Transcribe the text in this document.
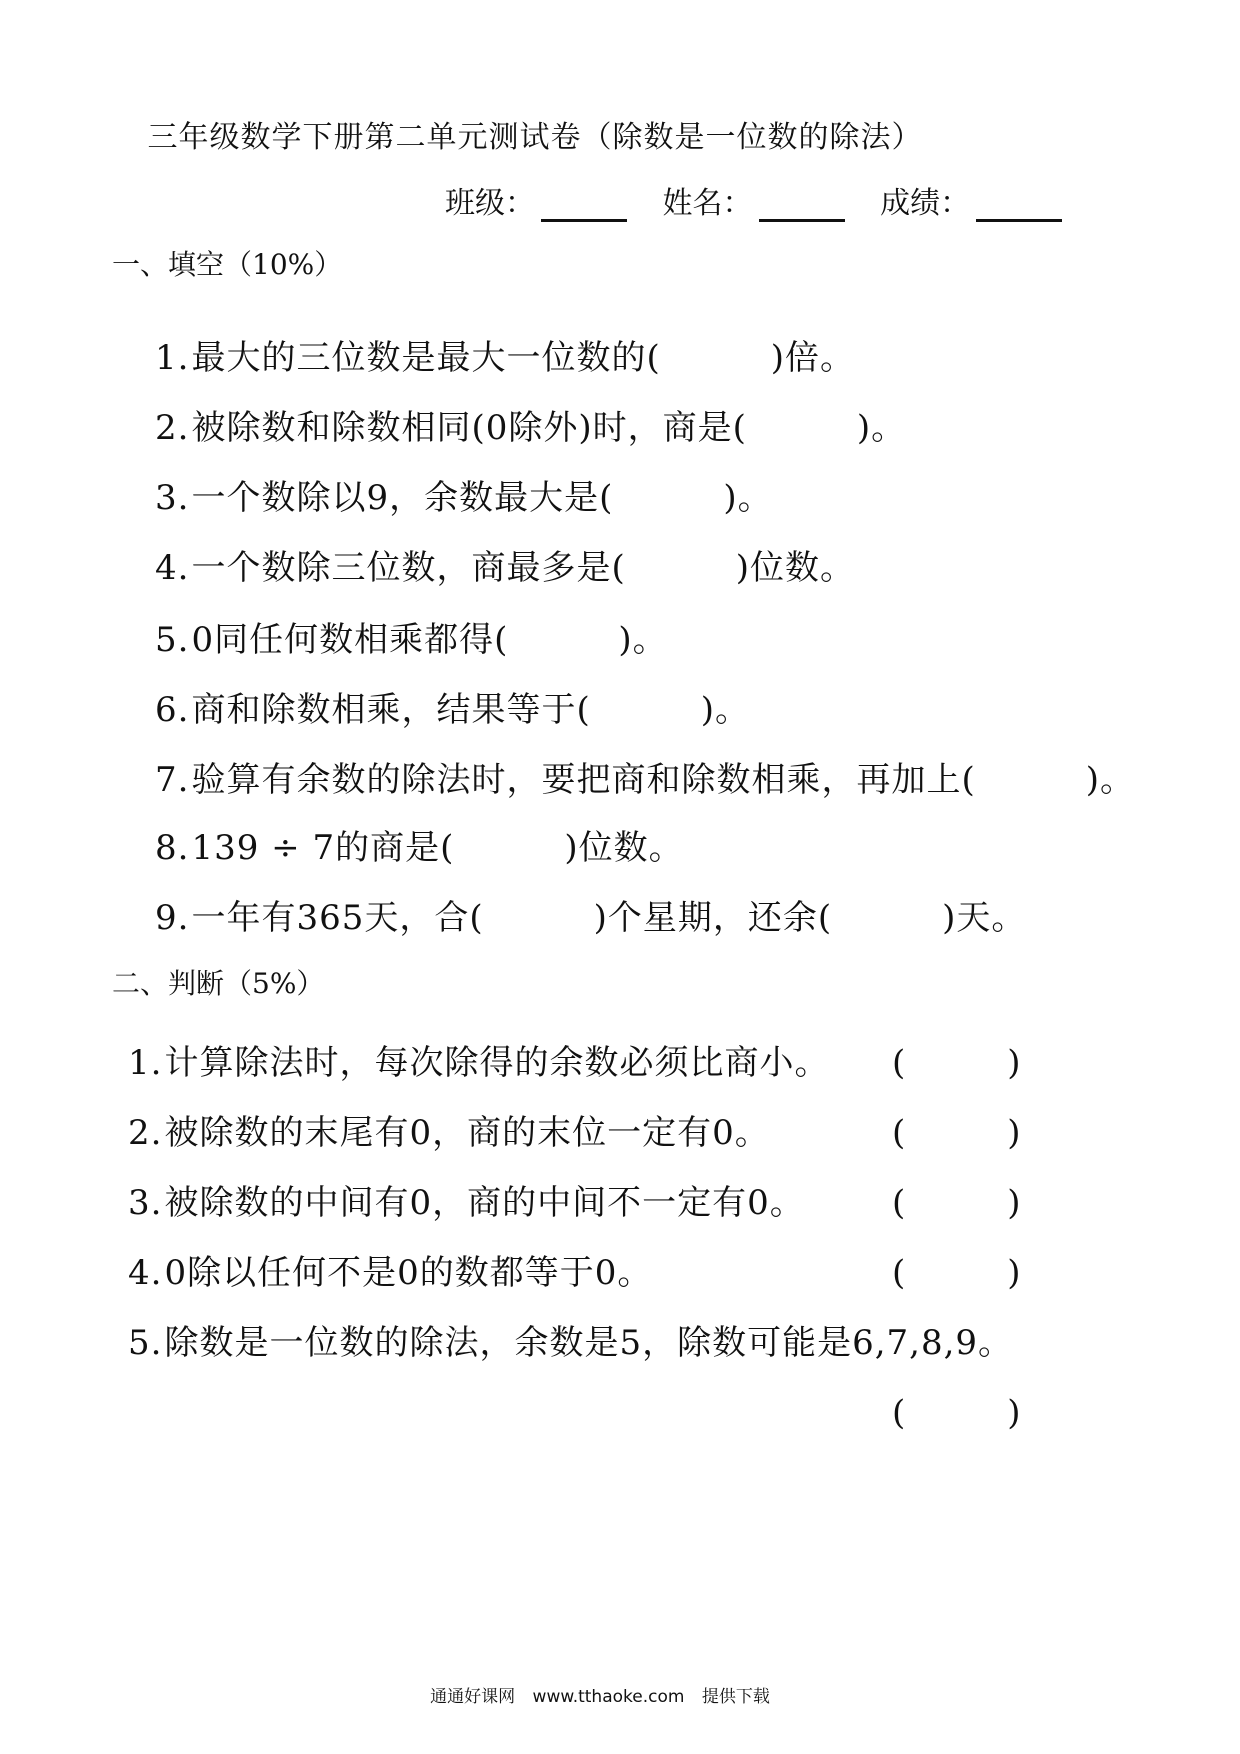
三年级数学下册第二单元测试卷（除数是一位数的除法）
班级：	姓名：	成绩：
一、填空（10%）
1.最大的三位数是最大一位数的(	)倍。
2.被除数和除数相同(0除外)时，商是(	)。
3.一个数除以9，余数最大是(	)。
4.一个数除三位数，商最多是(	)位数。
5.0同任何数相乘都得(	)。
6.商和除数相乘，结果等于(	)。
7.验算有余数的除法时，要把商和除数相乘，再加上(	)。
8.139 ÷ 7的商是(	)位数。
9.一年有365天，合(	)个星期，还余(	)天。
二、判断（5%）
1.计算除法时，每次除得的余数必须比商小。 (　　　)
2.被除数的末尾有0，商的末位一定有0。	(　　　)
3.被除数的中间有0，商的中间不一定有0。	(　　　)
4.0除以任何不是0的数都等于0。	(　　　)
5.除数是一位数的除法，余数是5，除数可能是6,7,8,9。
(　　　)
通通好课网 www.tthaoke.com 提供下载
